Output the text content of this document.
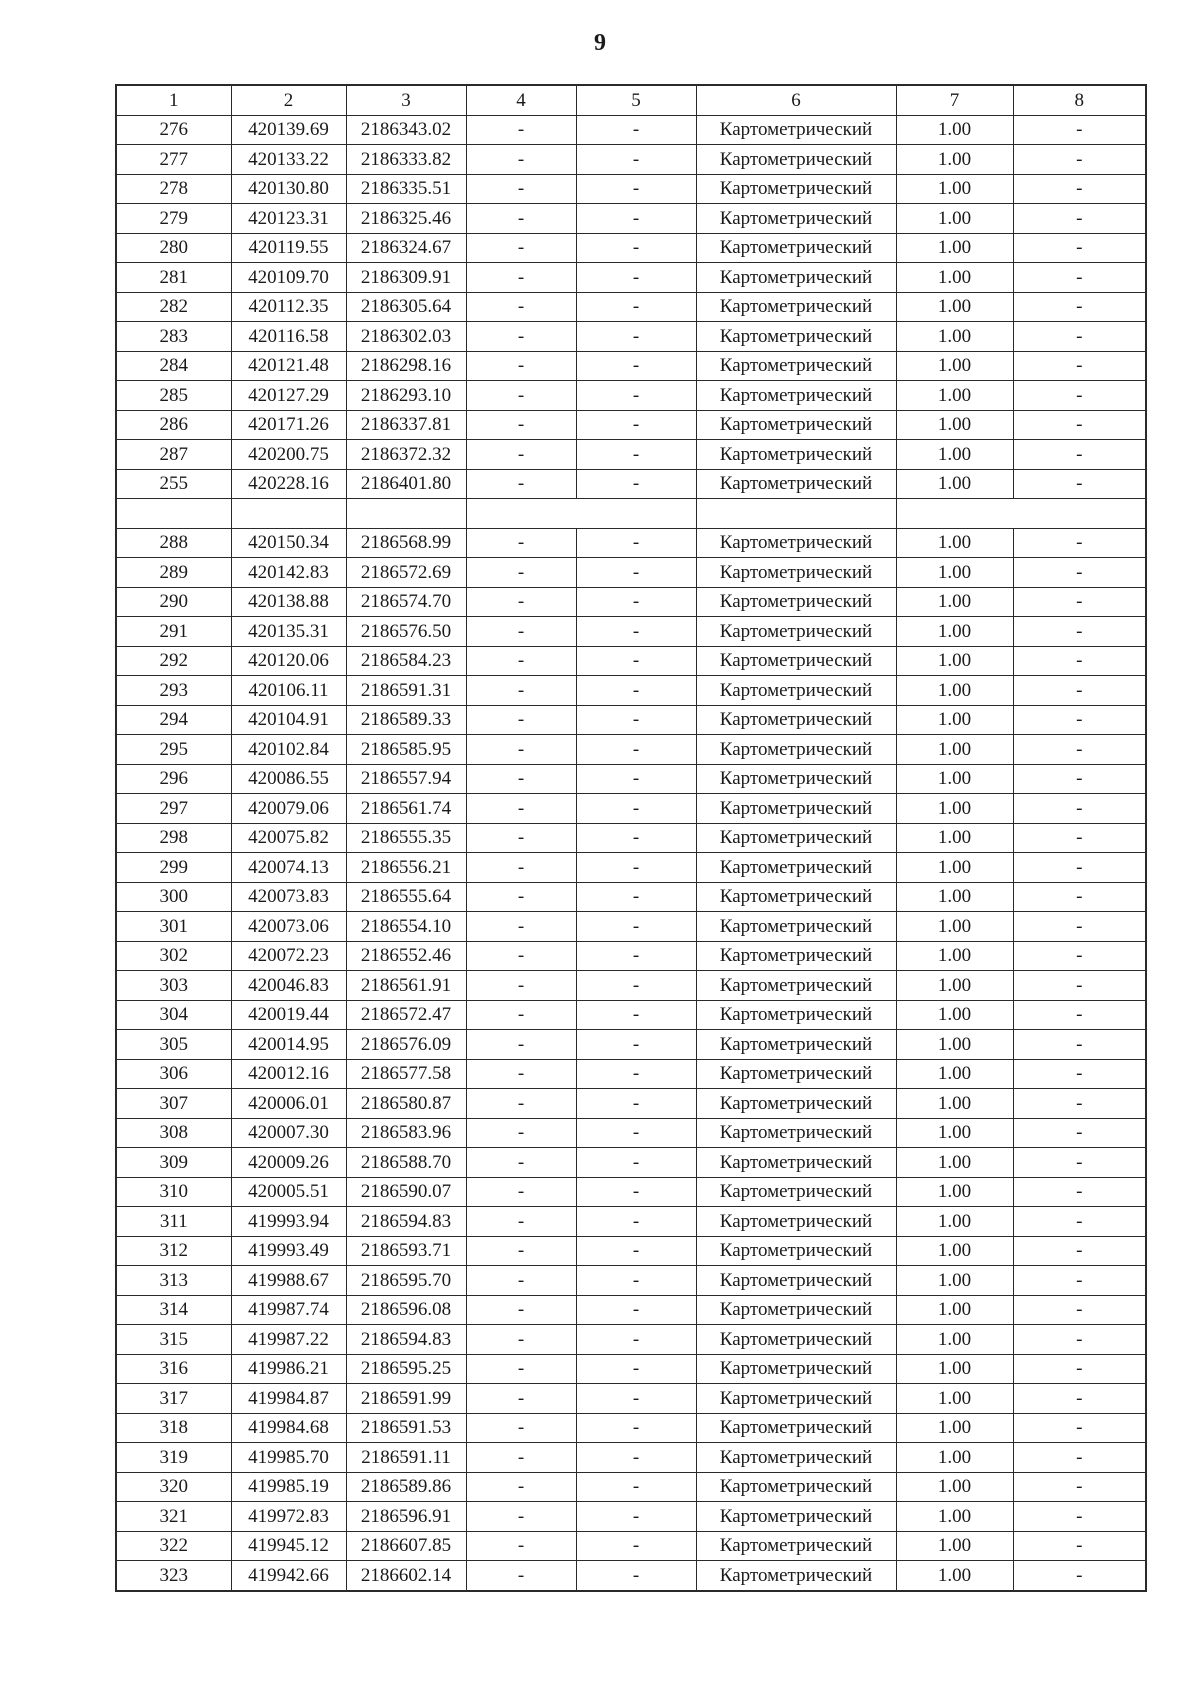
9
1	2	3	4	5	6	7	8
276	420139.69	2186343.02	-	-	Картометрический	1.00	-
277	420133.22	2186333.82	-	-	Картометрический	1.00	-
278	420130.80	2186335.51	-	-	Картометрический	1.00	-
279	420123.31	2186325.46	-	-	Картометрический	1.00	-
280	420119.55	2186324.67	-	-	Картометрический	1.00	-
281	420109.70	2186309.91	-	-	Картометрический	1.00	-
282	420112.35	2186305.64	-	-	Картометрический	1.00	-
283	420116.58	2186302.03	-	-	Картометрический	1.00	-
284	420121.48	2186298.16	-	-	Картометрический	1.00	-
285	420127.29	2186293.10	-	-	Картометрический	1.00	-
286	420171.26	2186337.81	-	-	Картометрический	1.00	-
287	420200.75	2186372.32	-	-	Картометрический	1.00	-
255	420228.16	2186401.80	-	-	Картометрический	1.00	-

288	420150.34	2186568.99	-	-	Картометрический	1.00	-
289	420142.83	2186572.69	-	-	Картометрический	1.00	-
290	420138.88	2186574.70	-	-	Картометрический	1.00	-
291	420135.31	2186576.50	-	-	Картометрический	1.00	-
292	420120.06	2186584.23	-	-	Картометрический	1.00	-
293	420106.11	2186591.31	-	-	Картометрический	1.00	-
294	420104.91	2186589.33	-	-	Картометрический	1.00	-
295	420102.84	2186585.95	-	-	Картометрический	1.00	-
296	420086.55	2186557.94	-	-	Картометрический	1.00	-
297	420079.06	2186561.74	-	-	Картометрический	1.00	-
298	420075.82	2186555.35	-	-	Картометрический	1.00	-
299	420074.13	2186556.21	-	-	Картометрический	1.00	-
300	420073.83	2186555.64	-	-	Картометрический	1.00	-
301	420073.06	2186554.10	-	-	Картометрический	1.00	-
302	420072.23	2186552.46	-	-	Картометрический	1.00	-
303	420046.83	2186561.91	-	-	Картометрический	1.00	-
304	420019.44	2186572.47	-	-	Картометрический	1.00	-
305	420014.95	2186576.09	-	-	Картометрический	1.00	-
306	420012.16	2186577.58	-	-	Картометрический	1.00	-
307	420006.01	2186580.87	-	-	Картометрический	1.00	-
308	420007.30	2186583.96	-	-	Картометрический	1.00	-
309	420009.26	2186588.70	-	-	Картометрический	1.00	-
310	420005.51	2186590.07	-	-	Картометрический	1.00	-
311	419993.94	2186594.83	-	-	Картометрический	1.00	-
312	419993.49	2186593.71	-	-	Картометрический	1.00	-
313	419988.67	2186595.70	-	-	Картометрический	1.00	-
314	419987.74	2186596.08	-	-	Картометрический	1.00	-
315	419987.22	2186594.83	-	-	Картометрический	1.00	-
316	419986.21	2186595.25	-	-	Картометрический	1.00	-
317	419984.87	2186591.99	-	-	Картометрический	1.00	-
318	419984.68	2186591.53	-	-	Картометрический	1.00	-
319	419985.70	2186591.11	-	-	Картометрический	1.00	-
320	419985.19	2186589.86	-	-	Картометрический	1.00	-
321	419972.83	2186596.91	-	-	Картометрический	1.00	-
322	419945.12	2186607.85	-	-	Картометрический	1.00	-
323	419942.66	2186602.14	-	-	Картометрический	1.00	-
